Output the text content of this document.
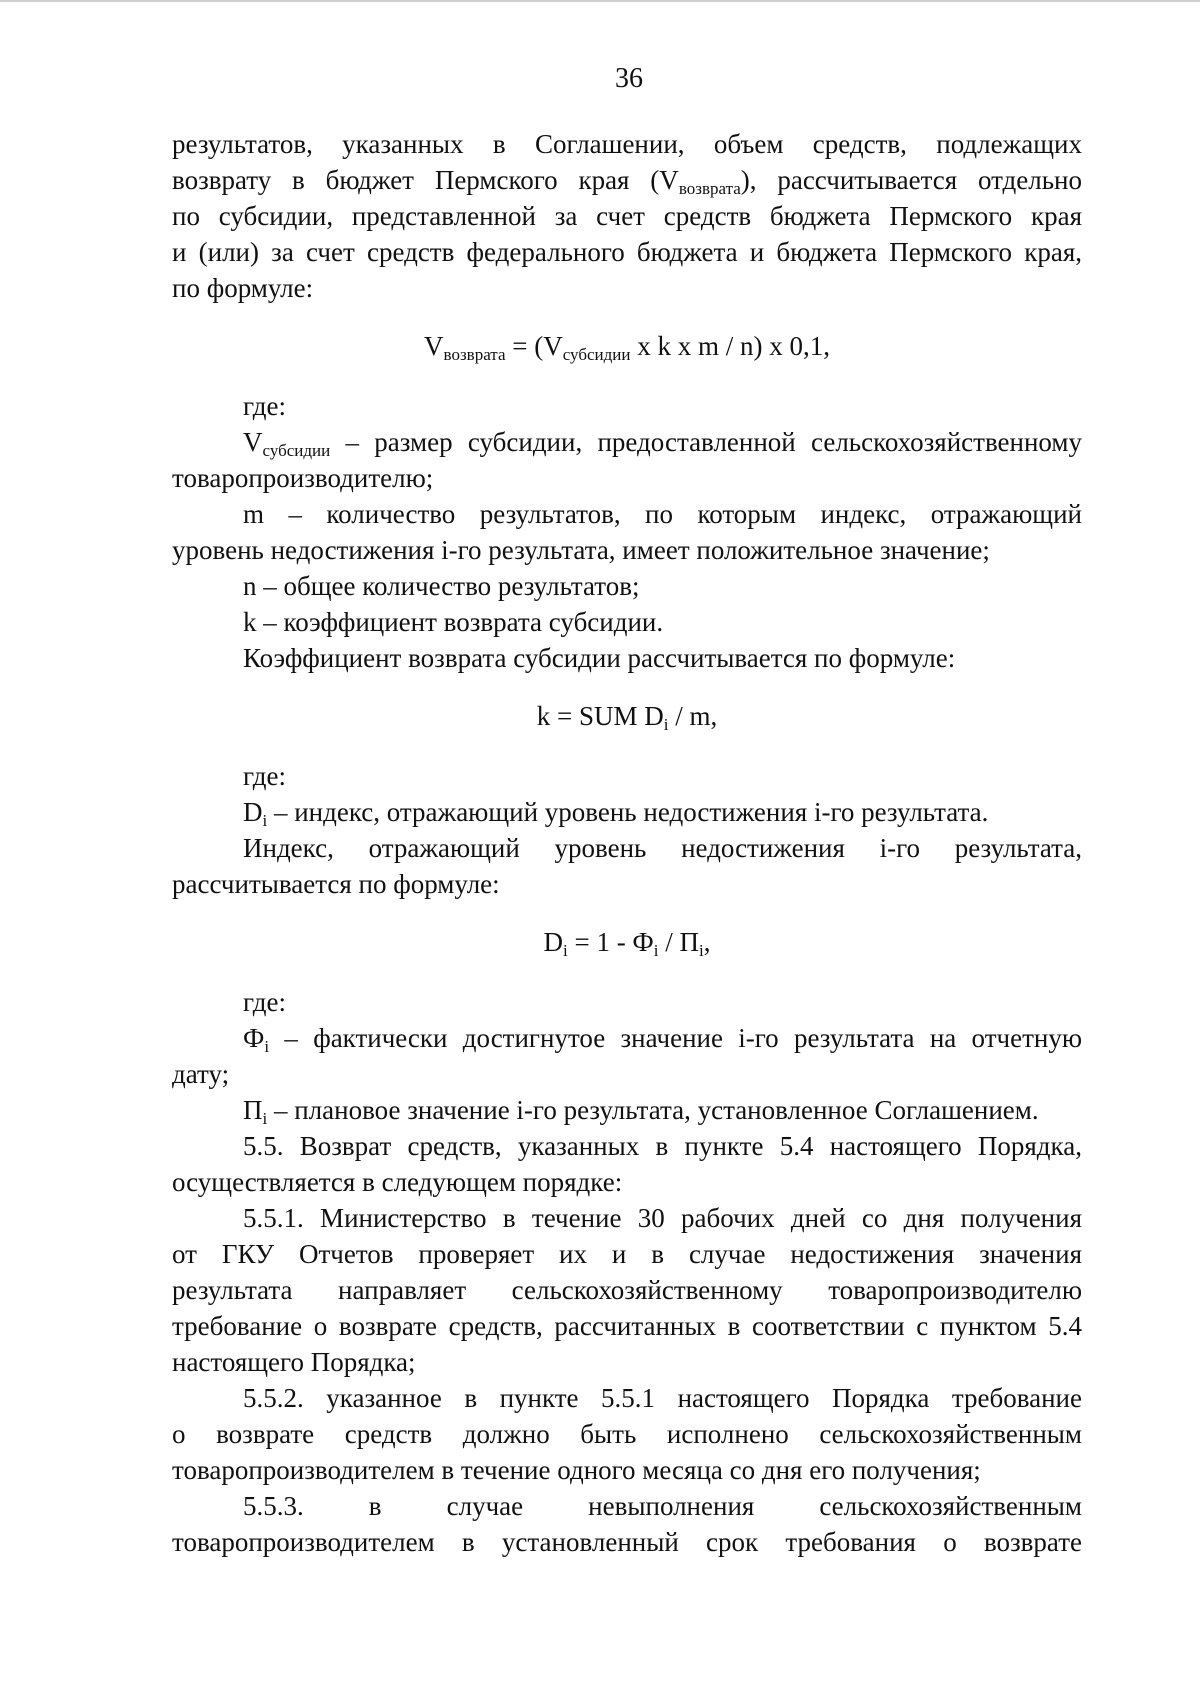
36
результатов, указанных в Соглашении, объем средств, подлежащих
возврату в бюджет Пермского края $(V_{возврата})$, рассчитывается отдельно
по субсидии, представленной за счет средств бюджета Пермского края
и (или) за счет средств федерального бюджета и бюджета Пермского края,
по формуле:
$V_{возврата} = (V_{субсидии}$ x k x m / n) x 0,1,
где:
$V_{субсидии}$ – размер субсидии, предоставленной сельскохозяйственному
товаропроизводителю;
m – количество результатов, по которым индекс, отражающий
уровень недостижения i-го результата, имеет положительное значение;
n – общее количество результатов;
k – коэффициент возврата субсидии.
Коэффициент возврата субсидии рассчитывается по формуле:
k = SUM $D_i$ / m,
где:
$D_i$ – индекс, отражающий уровень недостижения i-го результата.
Индекс, отражающий уровень недостижения i-го результата,
рассчитывается по формуле:
$D_i = 1 - Ф_i / П_i$,
где:
$Ф_i$ – фактически достигнутое значение i-го результата на отчетную
дату;
$П_i$ – плановое значение i-го результата, установленное Соглашением.
5.5. Возврат средств, указанных в пункте 5.4 настоящего Порядка,
осуществляется в следующем порядке:
5.5.1. Министерство в течение 30 рабочих дней со дня получения
от ГКУ Отчетов проверяет их и в случае недостижения значения
результата направляет сельскохозяйственному товаропроизводителю
требование о возврате средств, рассчитанных в соответствии с пунктом 5.4
настоящего Порядка;
5.5.2. указанное в пункте 5.5.1 настоящего Порядка требование
о возврате средств должно быть исполнено сельскохозяйственным
товаропроизводителем в течение одного месяца со дня его получения;
5.5.3. в случае невыполнения сельскохозяйственным
товаропроизводителем в установленный срок требования о возврате
